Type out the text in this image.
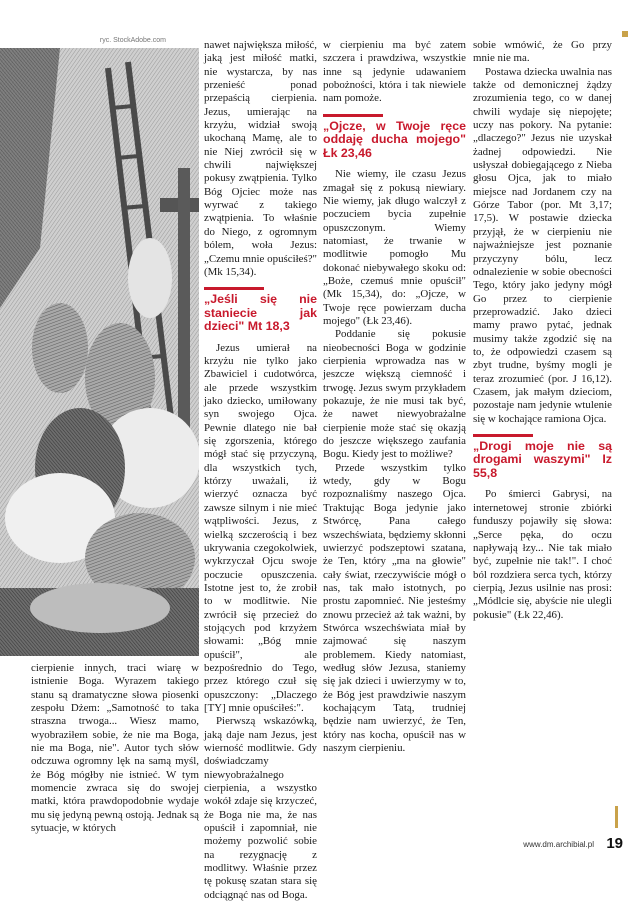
ryc. StockAdobe.com

cierpienie innych, traci wiarę w istnienie Boga. Wyrazem takiego stanu są dramatyczne słowa piosenki zespołu Dżem: „Samotność to taka straszna trwoga... Wiesz mamo, wyobraziłem sobie, że nie ma Boga, nie ma Boga, nie". Autor tych słów odczuwa ogromny lęk na samą myśl, że Bóg mógłby nie istnieć. W tym momencie zwraca się do swojej matki, która prawdopodobnie wydaje mu się jedyną pewną ostoją. Jednak są sytuacje, w których

nawet największa miłość, jaką jest miłość matki, nie wystarcza, by nas przenieść ponad przepaścią cierpienia. Jezus, umierając na krzyżu, widział swoją ukochaną Mamę, ale to nie Niej zwrócił się w chwili największej pokusy zwątpienia. Tylko Bóg Ojciec może nas wyrwać z takiego zwątpienia. To właśnie do Niego, z ogromnym bólem, woła Jezus: „Czemu mnie opuściłeś?" (Mk 15,34).

„Jeśli się nie staniecie jak dzieci" Mt 18,3

Jezus umierał na krzyżu nie tylko jako Zbawiciel i cudotwórca, ale przede wszystkim jako dziecko, umiłowany syn swojego Ojca. Pewnie dlatego nie bał się zgorszenia, którego mógł stać się przyczyną, dla wszystkich tych, którzy uważali, iż wierzyć oznacza być zawsze silnym i nie mieć wątpliwości. Jezus, z wielką szczerością i bez ukrywania czegokolwiek, wykrzyczał Ojcu swoje poczucie opuszczenia. Istotne jest to, że zrobił to w modlitwie. Nie zwrócił się przecież do stojących pod krzyżem słowami: „Bóg mnie opuścił", ale bezpośrednio do Tego, przez którego czuł się opuszczony: „Dlaczego [TY] mnie opuściłeś:".

Pierwszą wskazówką, jaką daje nam Jezus, jest wierność modlitwie. Gdy doświadczamy niewyobrażalnego cierpienia, a wszystko wokół zdaje się krzyczeć, że Boga nie ma, że nas opuścił i zapomniał, nie możemy pozwolić sobie na rezygnację z modlitwy. Właśnie przez tę pokusę szatan stara się odciągnąć nas od Boga.

w cierpieniu ma być zatem szczera i prawdziwa, wszystkie inne są jedynie udawaniem pobożności, która i tak niewiele nam pomoże.

„Ojcze, w Twoje ręce oddaję ducha mojego" Łk 23,46

Nie wiemy, ile czasu Jezus zmagał się z pokusą niewiary. Nie wiemy, jak długo walczył z poczuciem bycia zupełnie opuszczonym. Wiemy natomiast, że trwanie w modlitwie pomogło Mu dokonać niebywałego skoku od: „Boże, czemuś mnie opuścił" (Mk 15,34), do: „Ojcze, w Twoje ręce powierzam ducha mojego" (Łk 23,46).

Poddanie się pokusie nieobecności Boga w godzinie cierpienia wprowadza nas w jeszcze większą ciemność i trwogę. Jezus swym przykładem pokazuje, że nie musi tak być, że nawet niewyobrażalne cierpienie może stać się okazją do jeszcze większego zaufania Bogu. Kiedy jest to możliwe?

Przede wszystkim tylko wtedy, gdy w Bogu rozpoznaliśmy naszego Ojca. Traktując Boga jedynie jako Stwórcę, Pana całego wszechświata, będziemy skłonni uwierzyć podszeptowi szatana, że Ten, który „ma na głowie" cały świat, rzeczywiście mógł o nas, tak mało istotnych, po prostu zapomnieć. Nie jesteśmy znowu przecież aż tak ważni, by Stwórca wszechświata miał by zajmować się naszym problemem. Kiedy natomiast, według słów Jezusa, staniemy się jak dzieci i uwierzymy w to, że Bóg jest prawdziwie naszym kochającym Tatą, trudniej będzie nam uwierzyć, że Ten, który nas kocha, opuścił nas w naszym cierpieniu.

sobie wmówić, że Go przy mnie nie ma.

Postawa dziecka uwalnia nas także od demonicznej żądzy zrozumienia tego, co w danej chwili wydaje się niepojęte; uczy nas pokory. Na pytanie: „dlaczego?" Jezus nie uzyskał żadnej odpowiedzi. Nie usłyszał dobiegającego z Nieba głosu Ojca, jak to miało miejsce nad Jordanem czy na Górze Tabor (por. Mt 3,17; 17,5). W postawie dziecka przyjął, że w cierpieniu nie najważniejsze jest poznanie przyczyny bólu, lecz odnalezienie w sobie obecności Tego, który jako jedyny mógł Go przez to cierpienie przeprowadzić. Jako dzieci mamy prawo pytać, jednak musimy także zgodzić się na to, że odpowiedzi czasem są zbyt trudne, byśmy mogli je teraz zrozumieć (por. J 16,12). Czasem, jak małym dzieciom, pozostaje nam jedynie wtulenie się w kochające ramiona Ojca.

„Drogi moje nie są drogami waszymi" Iz 55,8

Po śmierci Gabrysi, na internetowej stronie zbiórki funduszy pojawiły się słowa: „Serce pęka, do oczu napływają łzy... Nie tak miało być, zupełnie nie tak!". I choć ból rozdziera serca tych, którzy cierpią, Jezus usilnie nas prosi: „Módlcie się, abyście nie ulegli pokusie" (Łk 22,46).

www.dm.archibial.pl 19
